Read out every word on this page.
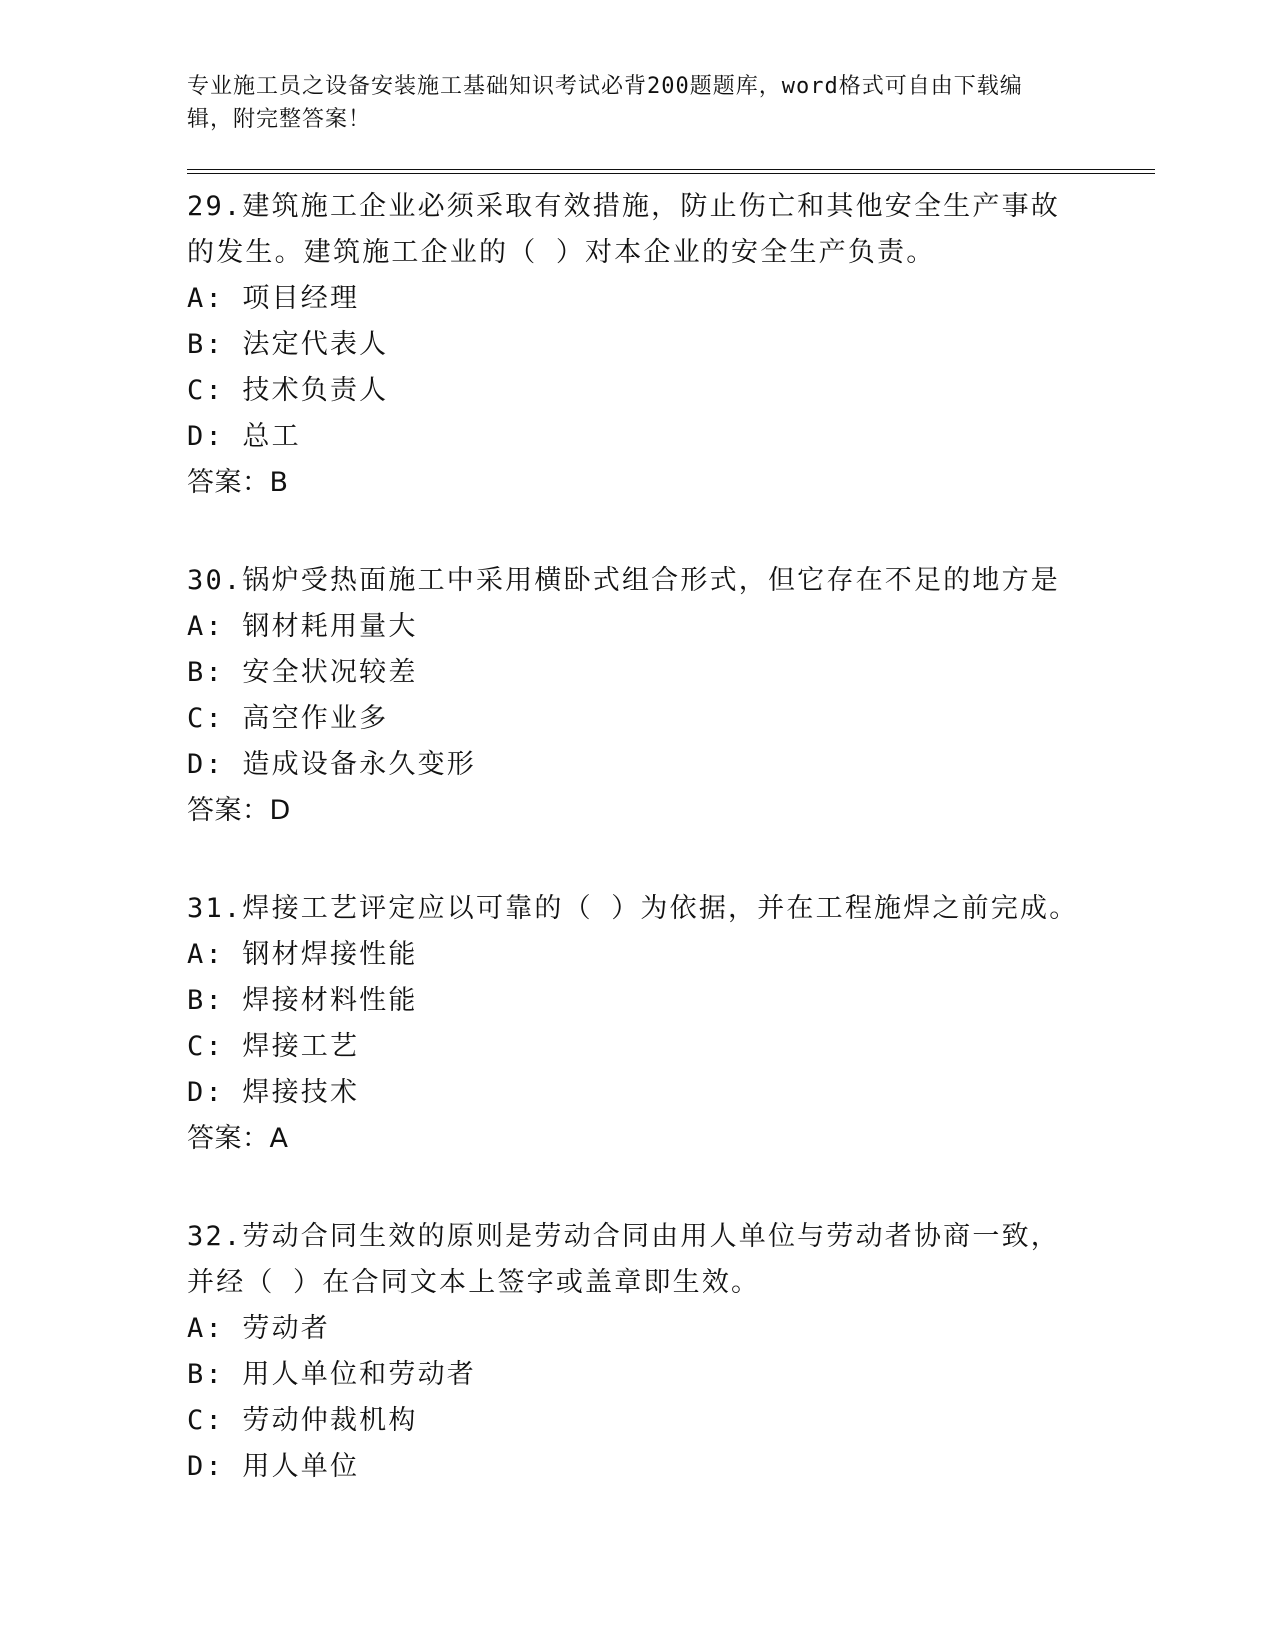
专业施工员之设备安装施工基础知识考试必背200题题库，word格式可自由下载编辑，附完整答案！

29.建筑施工企业必须采取有效措施，防止伤亡和其他安全生产事故的发生。建筑施工企业的（ ）对本企业的安全生产负责。

A: 项目经理

B: 法定代表人

C: 技术负责人

D: 总工

答案：B

30.锅炉受热面施工中采用横卧式组合形式，但它存在不足的地方是

A: 钢材耗用量大

B: 安全状况较差

C: 高空作业多

D: 造成设备永久变形

答案：D

31.焊接工艺评定应以可靠的（ ）为依据，并在工程施焊之前完成。

A: 钢材焊接性能

B: 焊接材料性能

C: 焊接工艺

D: 焊接技术

答案：A

32.劳动合同生效的原则是劳动合同由用人单位与劳动者协商一致，并经（ ）在合同文本上签字或盖章即生效。

A: 劳动者

B: 用人单位和劳动者

C: 劳动仲裁机构

D: 用人单位
